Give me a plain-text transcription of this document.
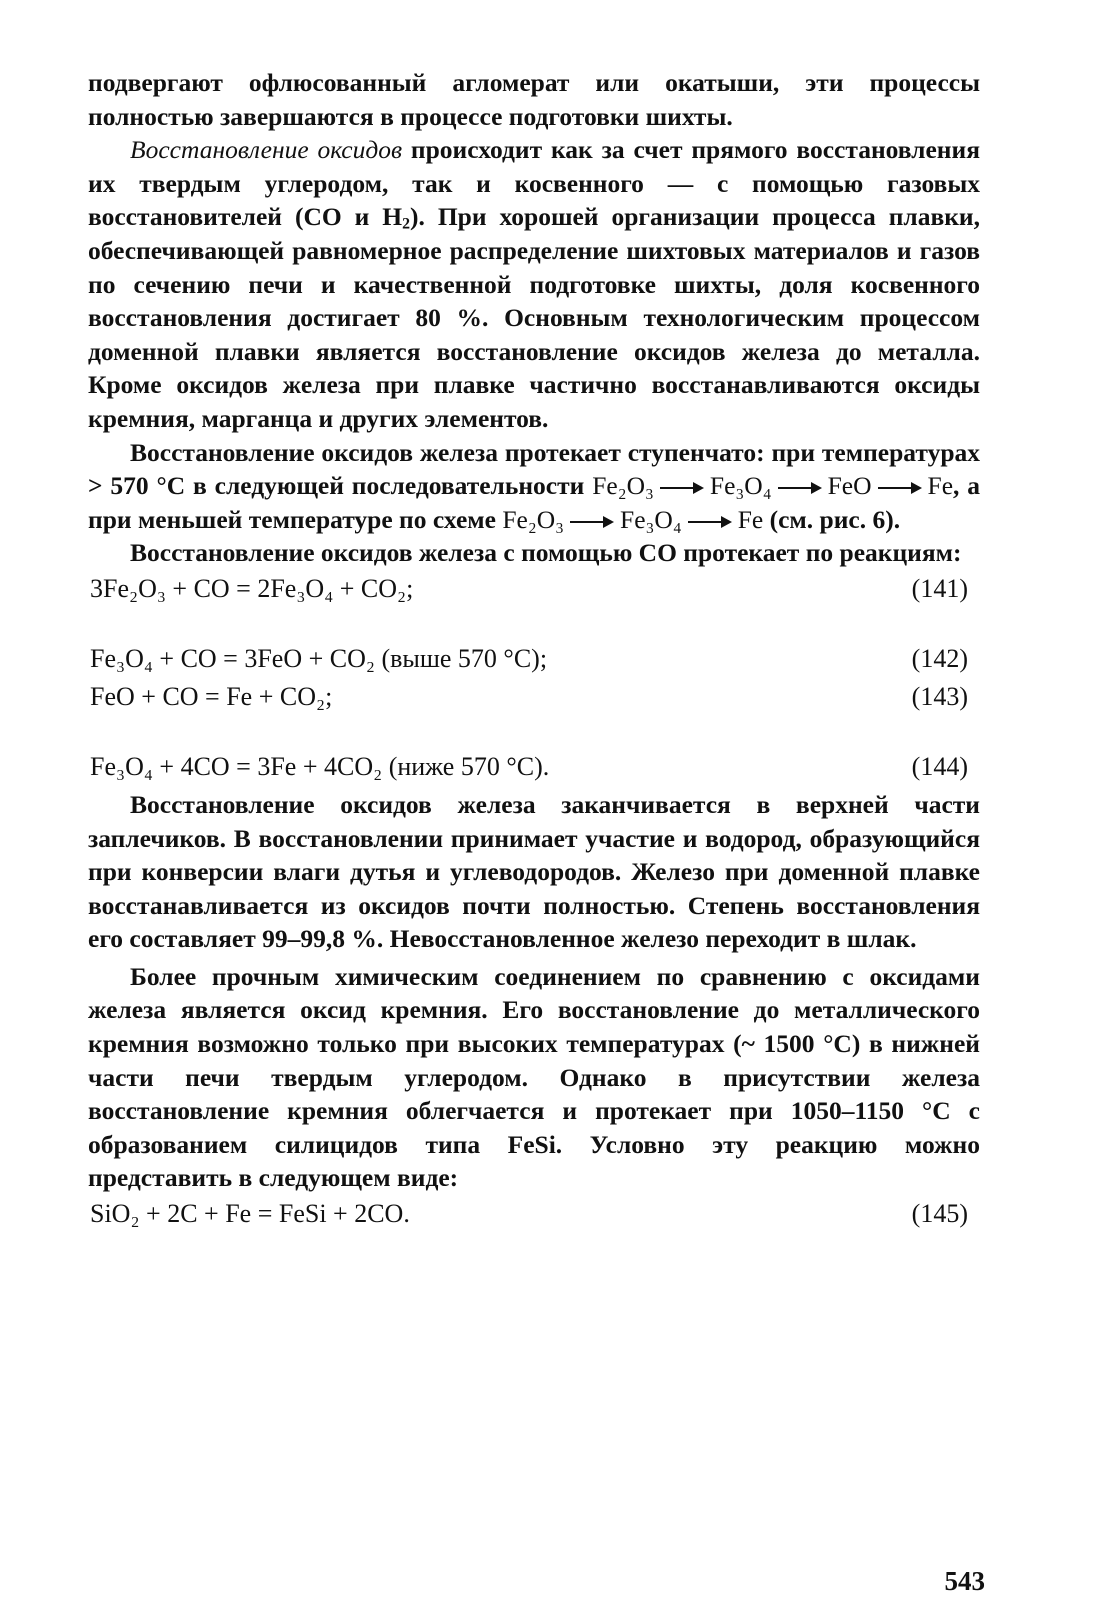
подвергают офлюсованный агломерат или окатыши, эти процессы полностью завершаются в процессе подготовки шихты.

Восстановление оксидов происходит как за счет прямого восстановления их твердым углеродом, так и косвенного — с помощью газовых восстановителей (CO и $H_2$). При хорошей организации процесса плавки, обеспечивающей равномерное распределение шихтовых материалов и газов по сечению печи и качественной подготовке шихты, доля косвенного восстановления достигает 80 %. Основным технологическим процессом доменной плавки является восстановление оксидов железа до металла. Кроме оксидов железа при плавке частично восстанавливаются оксиды кремния, марганца и других элементов.

Восстановление оксидов железа протекает ступенчато: при температурах > 570 °C в следующей последовательности Fe₂O₃ Fe₃O₄ FeO Fe, а при меньшей температуре по схеме Fe₂O₃ Fe₃O₄ Fe (см. рис. 6).

Восстановление оксидов железа с помощью CO протекает по реакциям:

3Fe₂O₃ + CO = 2Fe₃O₄ + CO₂;	(141)
Fe₃O₄ + CO = 3FeO + CO₂ (выше 570 °C);	(142)
FeO + CO = Fe + CO₂;	(143)
Fe₃O₄ + 4CO = 3Fe + 4CO₂ (ниже 570 °C).	(144)

Восстановление оксидов железа заканчивается в верхней части заплечиков. В восстановлении принимает участие и водород, образующийся при конверсии влаги дутья и углеводородов. Железо при доменной плавке восстанавливается из оксидов почти полностью. Степень восстановления его составляет 99–99,8 %. Невосстановленное железо переходит в шлак.

Более прочным химическим соединением по сравнению с оксидами железа является оксид кремния. Его восстановление до металлического кремния возможно только при высоких температурах (~ 1500 °C) в нижней части печи твердым углеродом. Однако в присутствии железа восстановление кремния облегчается и протекает при 1050–1150 °C с образованием силицидов типа FeSi. Условно эту реакцию можно представить в следующем виде:

SiO₂ + 2C + Fe = FeSi + 2CO.	(145)
543
